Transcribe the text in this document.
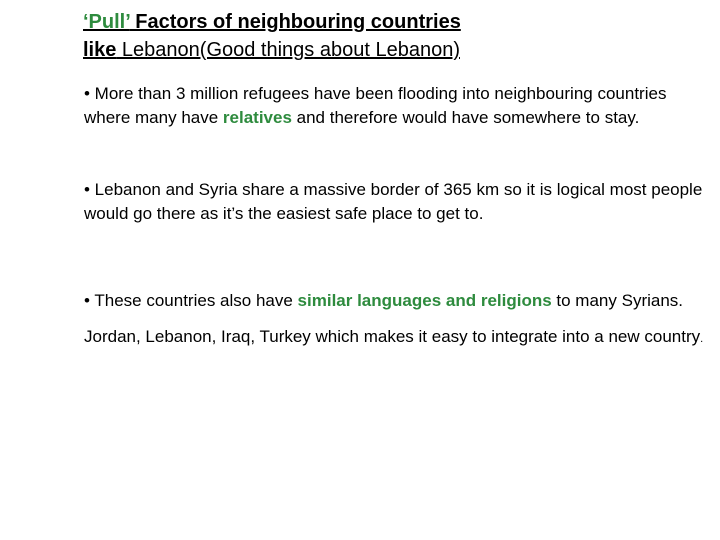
‘Pull’ Factors of neighbouring countries
like Lebanon(Good things about Lebanon)
• More than 3 million refugees have been flooding into neighbouring countries where many have relatives and therefore would have somewhere to stay.
• Lebanon and Syria share a massive border of 365 km so it is logical most people would go there as it’s the easiest safe place to get to.
• These countries also have similar languages and religions to many Syrians. Jordan, Lebanon, Iraq, Turkey which makes it easy to integrate into a new country.
